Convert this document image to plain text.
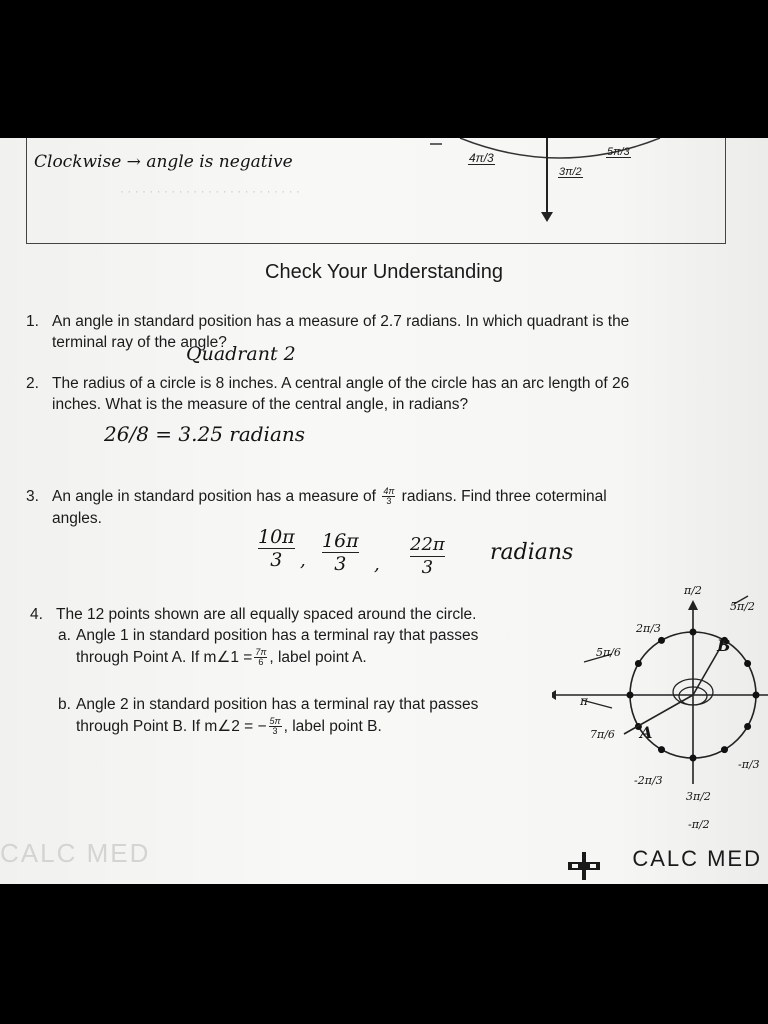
Clockwise → angle is negative
· · · · · · · · · · · · · · · · · · · · · · · · ·
4π/3
3π/2
5π/3
Check Your Understanding
1. An angle in standard position has a measure of 2.7 radians. In which quadrant is the
terminal ray of the angle?
Quadrant 2
2. The radius of a circle is 8 inches. A central angle of the circle has an arc length of 26
inches. What is the measure of the central angle, in radians?
26/8 = 3.25 radians
3. An angle in standard position has a measure of $\frac{4\pi}{3}$ radians. Find three coterminal
angles.
10π
3 ,
16π
3	,
22π
3
radians
4. The 12 points shown are all equally spaced around the circle.
a. Angle 1 in standard position has a terminal ray that passes
through Point A. If m∠1 = $\frac{7\pi}{6}$ , label point A.
b. Angle 2 in standard position has a terminal ray that passes
through Point B. If m∠2 = − $\frac{5\pi}{3}$ , label point B.
B
A
π/2
5π/6
2π/3
π
7π/6
-2π/3
3π/2
-π/2
-π/3
5π/2
CALC MED	CALC MED
